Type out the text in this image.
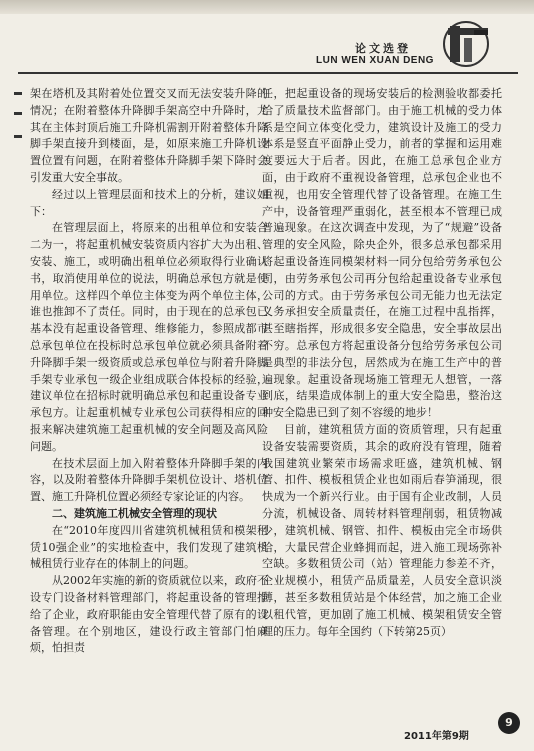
论文选登
LUN WEN XUAN DENG

架在塔机及其附着处位置交叉而无法安装升降的情况；在附着整体升降脚手架高空中升降时，尤其在主体封顶后施工升降机需割开附着整体升降脚手架直接升到楼面，是，如原来施工升降机设置位置有问题，在附着整体升降脚手架下降时会引发重大安全事故。

经过以上管理层面和技术上的分析，建议如下：

在管理层面上，将原来的出租单位和安装合二为一，将起重机械安装资质内容扩大为出租、安装、施工，或明确出租单位必须取得行业确认书，取消使用单位的说法，明确总承包方就是使用单位。这样四个单位主体变为两个单位主体，谁也推卸不了责任。同时，由于现在的总承包已基本没有起重设备管理、维修能力，参照成都市总承包单位在投标时总承包单位就必须具备附着升降脚手架一级资质或总承包单位与附着升降脚手架专业承包一级企业组成联合体投标的经验，建议单位在招标时就明确总承包和起重设备专业承包方。让起重机械专业承包公司获得相应的回报来解决建筑施工起重机械的安全问题及高风险问题。

在技术层面上加入附着整体升降脚手架的内容，以及附着整体升降脚手架机位设计、塔机位置、施工升降机位置必须经专家论证的内容。

二、建筑施工机械安全管理的现状

在“2010年度四川省建筑机械租赁和模架租赁10强企业”的实地检查中，我们发现了建筑机械租赁行业存在的体制上的问题。

从2002年实施的新的资质就位以来，政府不设专门设备材料管理部门，将起重设备的管理推给了企业，政府职能由安全管理代替了原有的设备管理。在个别地区，建设行政主管部门怕麻烦，怕担责

任，把起重设备的现场安装后的检测验收都委托给了质量技术监督部门。由于施工机械的受力体系是空间立体变化受力，建筑设计及施工的受力体系是竖直平面静止受力，前者的掌握和运用难度要远大于后者。因此，在施工总承包企业方面，由于政府不重视设备管理，总承包企业也不重视，也用安全管理代替了设备管理。在施工生产中，设备管理严重弱化，甚至根本不管理已成普遍现象。在这次调查中发现，为了“规避”设备管理的安全风险，除央企外，很多总承包都采用将起重设备连同模架材料一同分包给劳务承包公司，由劳务承包公司再分包给起重设备专业承包公司的方式。由于劳务承包公司无能力也无法定义务承担安全质量责任，在施工过程中乱指挥，甚至瞎指挥，形成很多安全隐患，安全事故层出不穷。总承包方将起重设备分包给劳务承包公司是典型的非法分包，居然成为在施工生产中的普遍现象。起重设备现场施工管理无人想管，一落到底，结果造成体制上的重大安全隐患，整治这种安全隐患已到了刻不容缓的地步！

目前，建筑租赁方面的资质管理，只有起重设备安装需要资质，其余的政府没有管理，随着我国建筑业繁荣市场需求旺盛，建筑机械、钢管、扣件、模板租赁企业也如雨后春笋涌现，很快成为一个新兴行业。由于国有企业改制，人员分流，机械设备、周转材料管理削弱，租赁物减少，建筑机械、钢管、扣件、模板由完全市场供给，大量民营企业蜂拥而起，进入施工现场弥补空缺。多数租赁公司（站）管理能力参差不齐，企业规模小，租赁产品质量差，人员安全意识淡薄，甚至多数租赁站是个体经营，加之施工企业以租代管，更加剧了施工机械、模架租赁安全管理的压力。每年全国约（下转第25页）

2011年第9期
9
